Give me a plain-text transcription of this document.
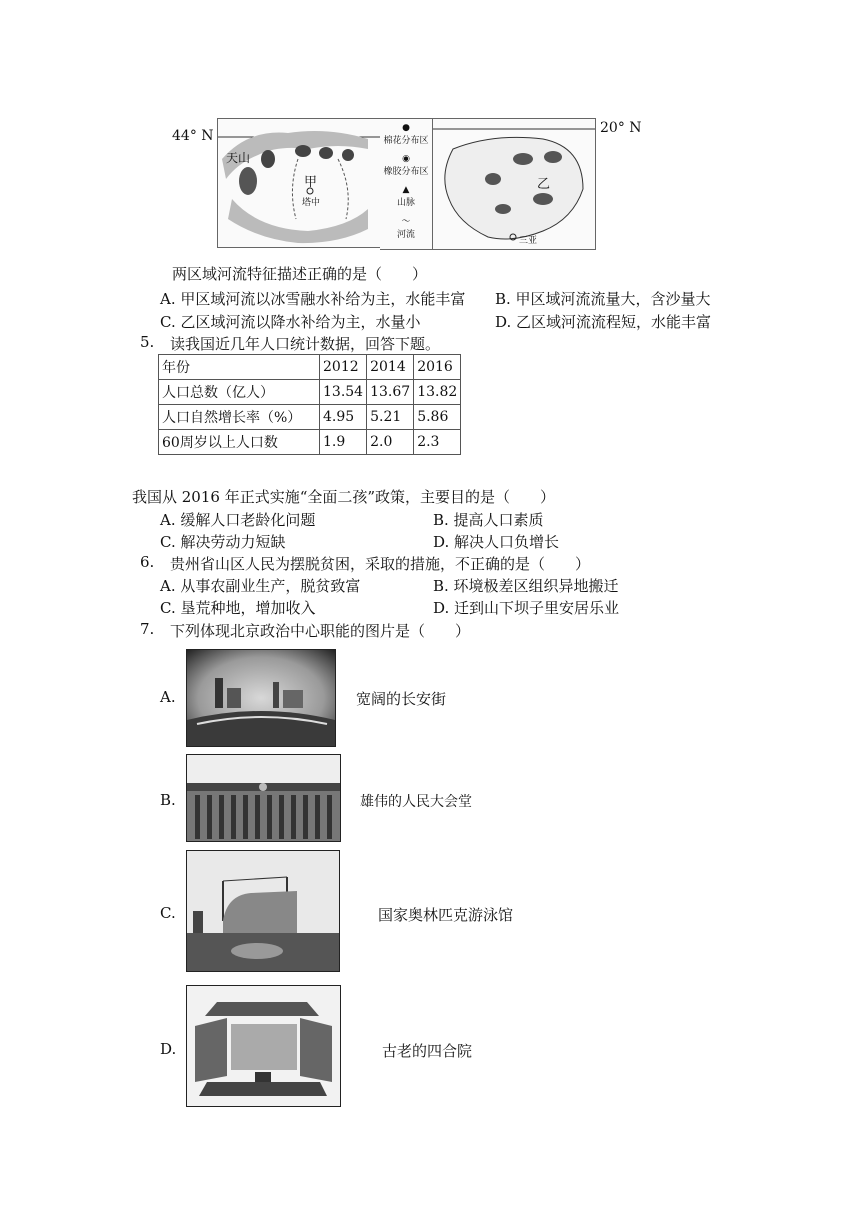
44° N
天山
甲
塔中
●
棉花分布区
◉
橡胶分布区
▲
山脉
〜
河流
乙
三亚
20° N
两区域河流特征描述正确的是（　　）
A. 甲区域河流以冰雪融水补给为主，水能丰富 B. 甲区域河流流量大，含沙量大
C. 乙区域河流以降水补给为主，水量小	D. 乙区域河流流程短，水能丰富
5. 读我国近几年人口统计数据，回答下题。
年份	2012	2014	2016
人口总数（亿人）	13.54	13.67	13.82
人口自然增长率（%）	4.95	5.21	5.86
60周岁以上人口数	1.9	2.0	2.3
我国从 2016 年正式实施“全面二孩”政策，主要目的是（　　）
A. 缓解人口老龄化问题	B. 提高人口素质
C. 解决劳动力短缺	D. 解决人口负增长
6. 贵州省山区人民为摆脱贫困，采取的措施，不正确的是（　　）
A. 从事农副业生产，脱贫致富	B. 环境极差区组织异地搬迁
C. 垦荒种地，增加收入	D. 迁到山下坝子里安居乐业
7. 下列体现北京政治中心职能的图片是（　　）
A.	宽阔的长安街
B.	雄伟的人民大会堂
C.	国家奥林匹克游泳馆
D.	古老的四合院
